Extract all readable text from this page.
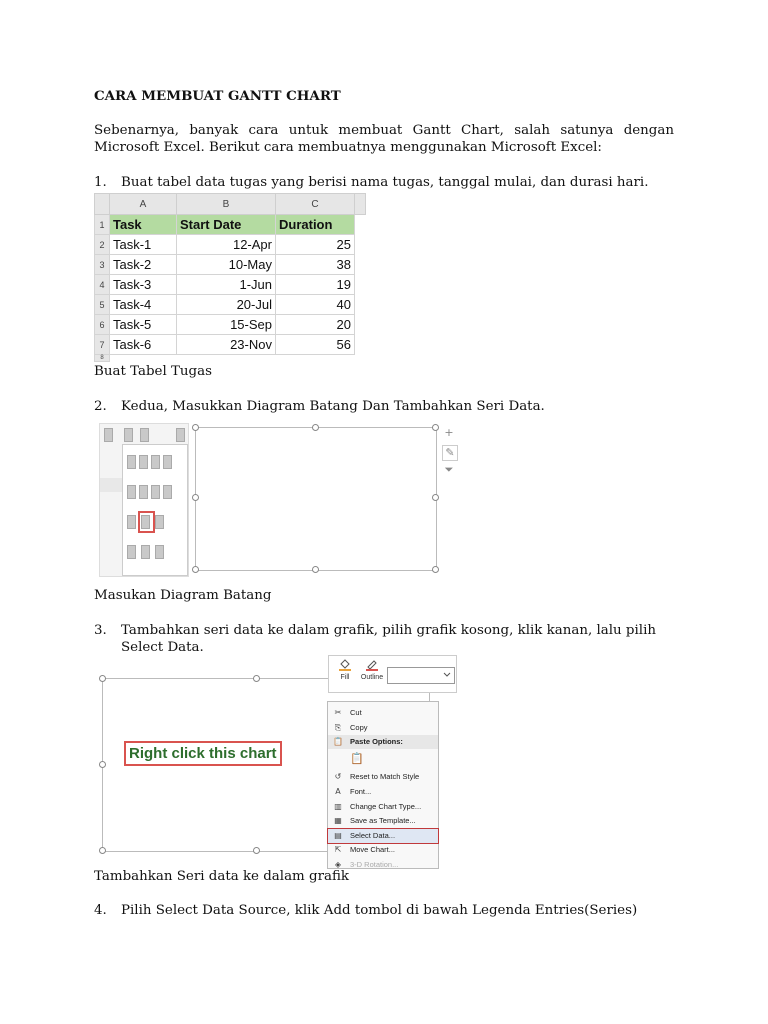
CARA MEMBUAT GANTT CHART
Sebenarnya, banyak cara untuk membuat Gantt Chart, salah satunya dengan Microsoft Excel. Berikut cara membuatnya menggunakan Microsoft Excel:
1. Buat tabel data tugas yang berisi nama tugas, tanggal mulai, dan durasi hari.
	A	B	C	
1	Task	Start Date	Duration	
2	Task-1	12-Apr	25	
3	Task-2	10-May	38	
4	Task-3	1-Jun	19	
5	Task-4	20-Jul	40	
6	Task-5	15-Sep	20	
7	Task-6	23-Nov	56	
8				
Buat Tabel Tugas
2. Kedua, Masukkan Diagram Batang Dan Tambahkan Seri Data.
+
✎
⏷
Masukan Diagram Batang
3. Tambahkan seri data ke dalam grafik, pilih grafik kosong, klik kanan, lalu pilih
Select Data.
Right click this chart
Fill	Outline
✂ Cut
⎘ Copy
📋 Paste Options:
📋
↺ Reset to Match Style
A	Font...
▥ Change Chart Type...
▦ Save as Template...
▤ Select Data...
⇱ Move Chart...
◈ 3-D Rotation...
Tambahkan Seri data ke dalam grafik
4. Pilih Select Data Source, klik Add tombol di bawah Legenda Entries(Series)
